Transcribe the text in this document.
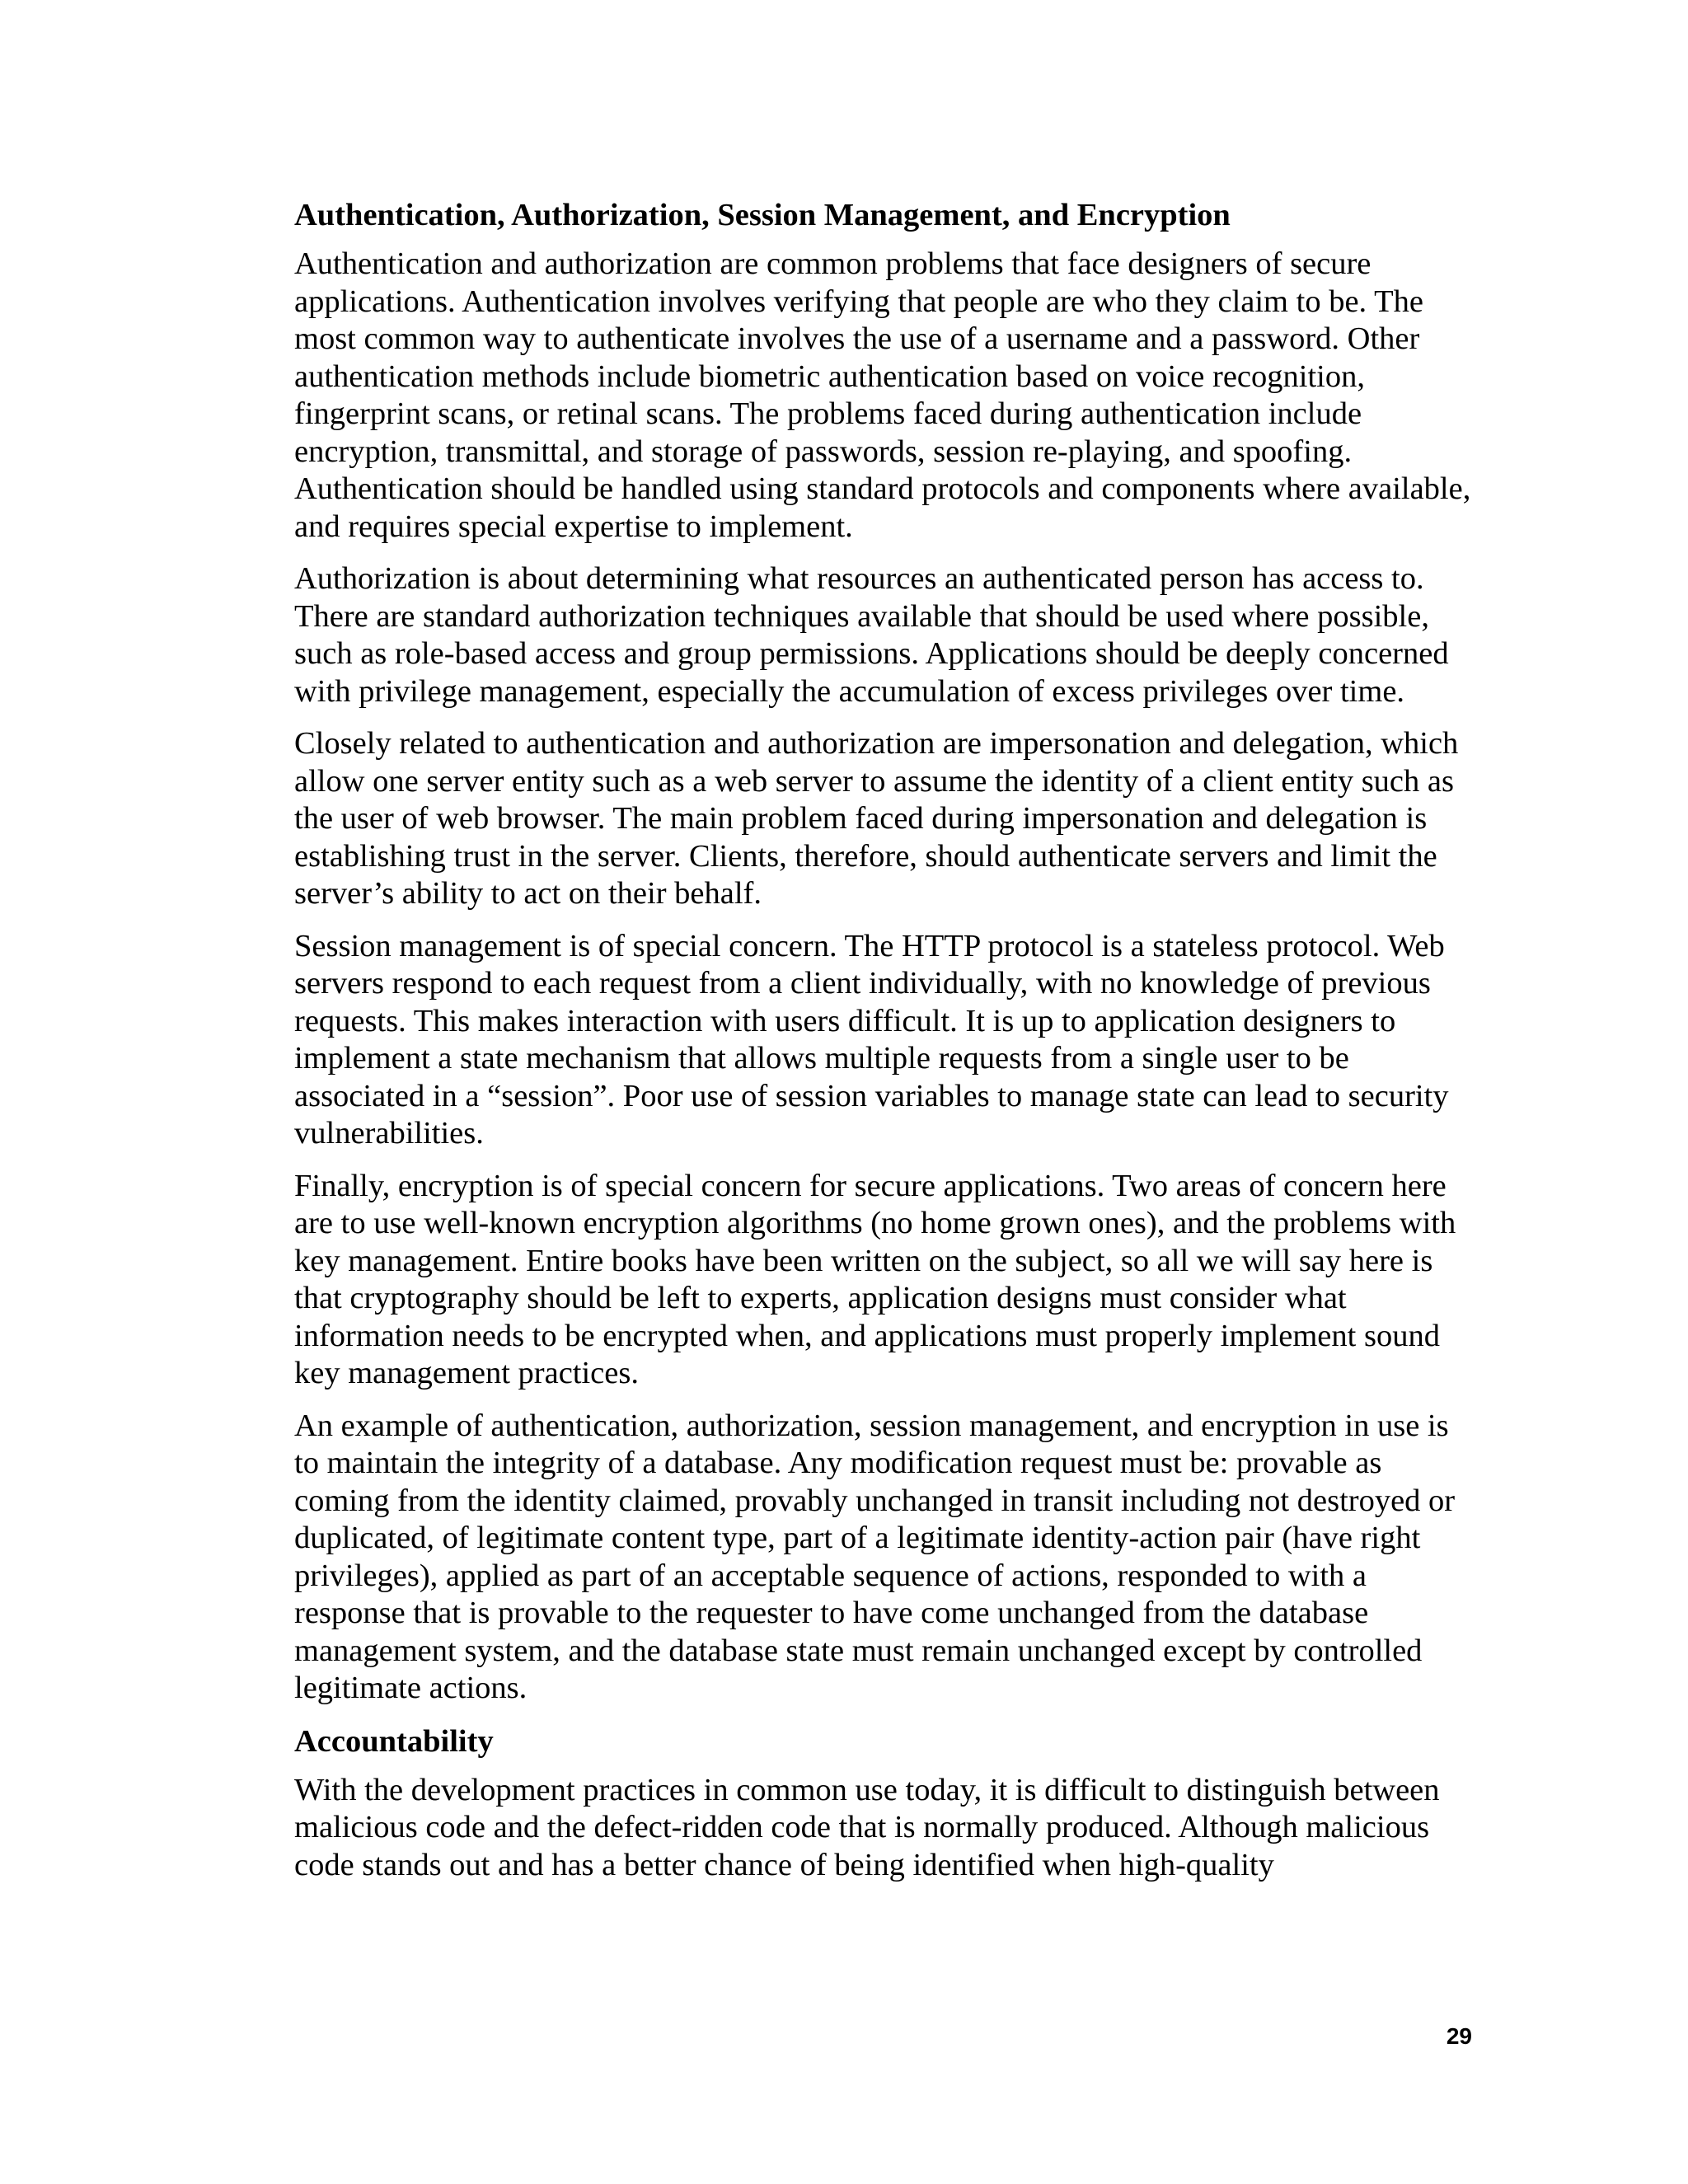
Authentication, Authorization, Session Management, and Encryption

Authentication and authorization are common problems that face designers of secure applications. Authentication involves verifying that people are who they claim to be. The most common way to authenticate involves the use of a username and a password. Other authentication methods include biometric authentication based on voice recognition, fingerprint scans, or retinal scans. The problems faced during authentication include encryption, transmittal, and storage of passwords, session re-playing, and spoofing. Authentication should be handled using standard protocols and components where available, and requires special expertise to implement.

Authorization is about determining what resources an authenticated person has access to. There are standard authorization techniques available that should be used where possible, such as role-based access and group permissions. Applications should be deeply concerned with privilege management, especially the accumulation of excess privileges over time.

Closely related to authentication and authorization are impersonation and delegation, which allow one server entity such as a web server to assume the identity of a client entity such as the user of web browser. The main problem faced during impersonation and delegation is establishing trust in the server. Clients, therefore, should authenticate servers and limit the server’s ability to act on their behalf.

Session management is of special concern. The HTTP protocol is a stateless protocol. Web servers respond to each request from a client individually, with no knowledge of previous requests. This makes interaction with users difficult. It is up to application designers to implement a state mechanism that allows multiple requests from a single user to be associated in a “session”. Poor use of session variables to manage state can lead to security vulnerabilities.

Finally, encryption is of special concern for secure applications. Two areas of concern here are to use well-known encryption algorithms (no home grown ones), and the problems with key management. Entire books have been written on the subject, so all we will say here is that cryptography should be left to experts, application designs must consider what information needs to be encrypted when, and applications must properly implement sound key management practices.

An example of authentication, authorization, session management, and encryption in use is to maintain the integrity of a database. Any modification request must be: provable as coming from the identity claimed, provably unchanged in transit including not destroyed or duplicated, of legitimate content type, part of a legitimate identity-action pair (have right privileges), applied as part of an acceptable sequence of actions, responded to with a response that is provable to the requester to have come unchanged from the database management system, and the database state must remain unchanged except by controlled legitimate actions.

Accountability

With the development practices in common use today, it is difficult to distinguish between malicious code and the defect-ridden code that is normally produced. Although malicious code stands out and has a better chance of being identified when high-quality

29
